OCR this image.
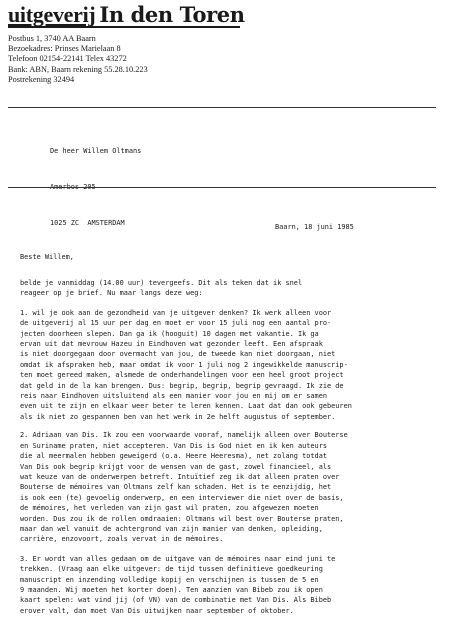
uitgeverij In den Toren
Postbus 1, 3740 AA Baarn
Bezoekadres: Prinses Marielaan 8
Telefoon 02154-22141 Telex 43272
Bank: ABN, Baarn rekening 55.28.10.223
Postrekening 32494

De heer Willem Oltmans

Amerbos 205

1025 ZC  AMSTERDAM

	Baarn, 18 juni 1985
Beste Willem,
belde je vanmiddag (14.00 uur) tevergeefs. Dit als teken dat ik snel
reageer op je brief. Nu maar langs deze weg:
1. wil je ook aan de gezondheid van je uitgever denken? Ik werk alleen voor
de uitgeverij al 15 uur per dag en moet er voor 15 juli nog een aantal pro-
jecten doorheen slepen. Dan ga ik (hooguit) 10 dagen met vakantie. Ik ga
ervan uit dat mevrouw Hazeu in Eindhoven wat gezonder leeft. Een afspraak
is niet doorgegaan door overmacht van jou, de tweede kan niet doorgaan, niet
omdat ik afspraken heb, maar omdat ik voor 1 juli nog 2 ingewikkelde manuscrip-
ten moet gereed maken, alsmede de onderhandelingen voor een heel groot project
dat geld in de la kan brengen. Dus: begrip, begrip, begrip gevraagd. Ik zie de
reis naar Eindhoven uitsluitend als een manier voor jou en mij om er samen
even uit te zijn en elkaar weer beter te leren kennen. Laat dat dan ook gebeuren
als ik niet zo gespannen ben van het werk in 2e helft augustus of september.
2. Adriaan van Dis. Ik zou een voorwaarde vooraf, namelijk alleen over Bouterse
en Suriname praten, niet accepteren. Van Dis is God niet en ik ken auteurs
die al meermalen hebben geweigerd (o.a. Heere Heeresma), net zolang totdat
Van Dis ook begrip krijgt voor de wensen van de gast, zowel financieel, als
wat keuze van de onderwerpen betreft. Intuïtief zeg ik dat alleen praten over
Bouterse de mémoires van Oltmans zelf kan schaden. Het is te eenzijdig, het
is ook een (te) gevoelig onderwerp, en een interviewer die niet over de basis,
de mémoires, het verleden van zijn gast wil praten, zou afgewezen moeten
worden. Dus zou ik de rollen omdraaien: Oltmans wil best over Bouterse praten,
maar dan wel vanuit de achtergrond van zijn manier van denken, opleiding,
carrière, enzovoort, zoals vervat in de mémoires.
3. Er wordt van alles gedaan om de uitgave van de mémoires naar eind juni te
trekken. (Vraag aan elke uitgever: de tijd tussen definitieve goedkeuring
manuscript en inzending volledige kopij en verschijnen is tussen de 5 en
9 maanden. Wij moeten het korter doen). Ten aanzien van Bibeb zou ik open
kaart spelen: wat vind jij (of VN) van de combinatie met Van Dis. Als Bibeb
erover valt, dan moet Van Dis uitwijken naar september of oktober.
